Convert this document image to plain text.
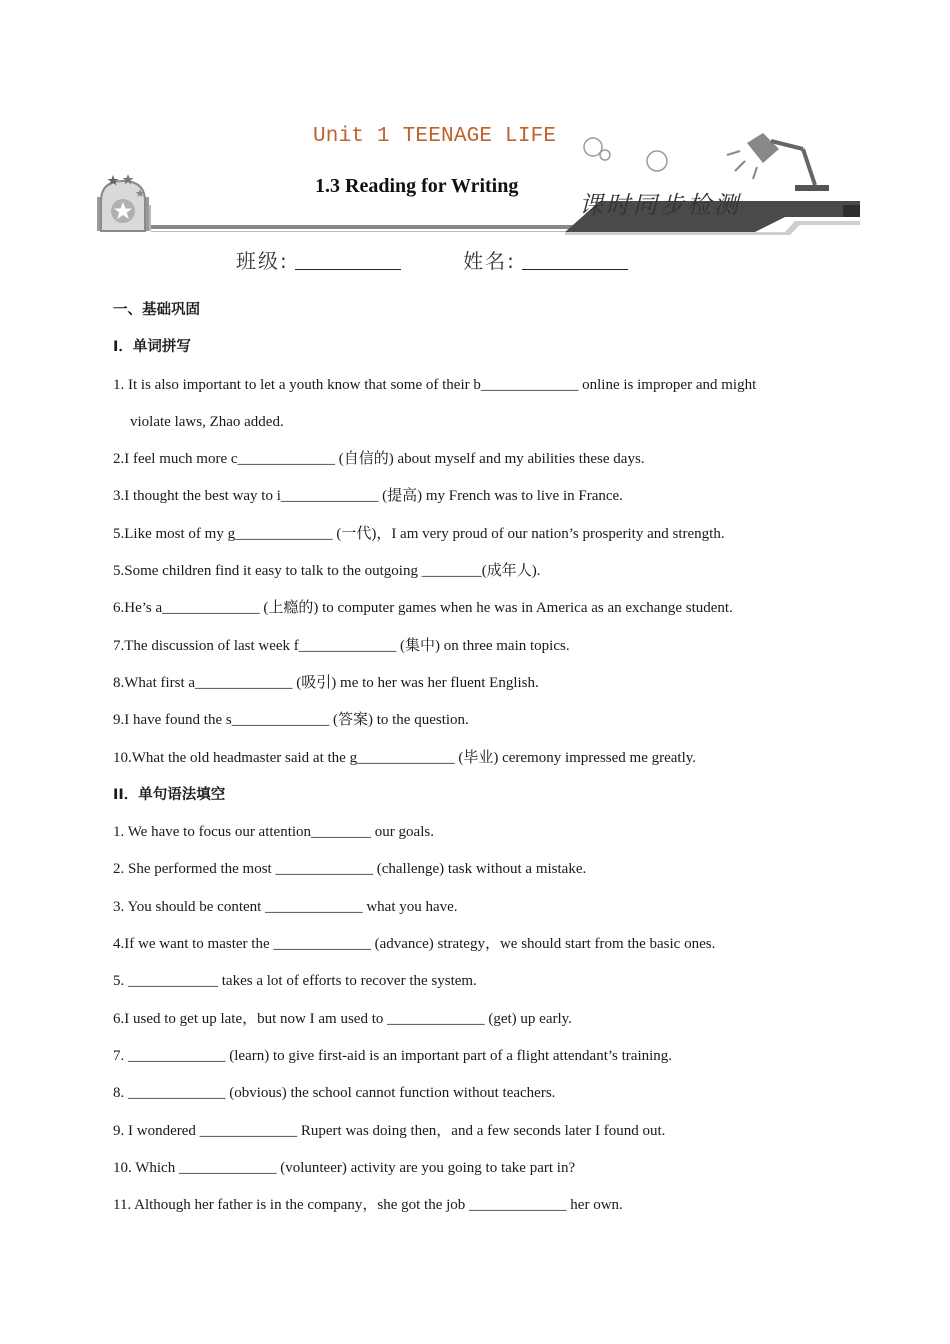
Unit 1 TEENAGE LIFE
1.3 Reading for Writing
课时同步检测
班级:	姓名:
一、基础巩固
I．单词拼写
1. It is also important to let a youth know that some of their b_____________ online is improper and might
violate laws, Zhao added.
2.I feel much more c_____________ (自信的) about myself and my abilities these days.
3.I thought the best way to i_____________ (提高) my French was to live in France.
5.Like most of my g_____________ (一代)，I am very proud of our nation’s prosperity and strength.
5.Some children find it easy to talk to the outgoing ________(成年人).
6.He’s a_____________ (上瘾的) to computer games when he was in America as an exchange student.
7.The discussion of last week f_____________ (集中) on three main topics.
8.What first a_____________ (吸引) me to her was her fluent English.
9.I have found the s_____________ (答案) to the question.
10.What the old headmaster said at the g_____________ (毕业) ceremony impressed me greatly.
II．单句语法填空
1. We have to focus our attention________ our goals.
2. She performed the most _____________ (challenge) task without a mistake.
3. You should be content _____________ what you have.
4.If we want to master the _____________ (advance) strategy，we should start from the basic ones.
5. ____________ takes a lot of efforts to recover the system.
6.I used to get up late，but now I am used to _____________ (get) up early.
7. _____________ (learn) to give first-aid is an important part of a flight attendant’s training.
8. _____________ (obvious) the school cannot function without teachers.
9. I wondered _____________ Rupert was doing then，and a few seconds later I found out.
10. Which _____________ (volunteer) activity are you going to take part in?
11. Although her father is in the company，she got the job _____________ her own.
